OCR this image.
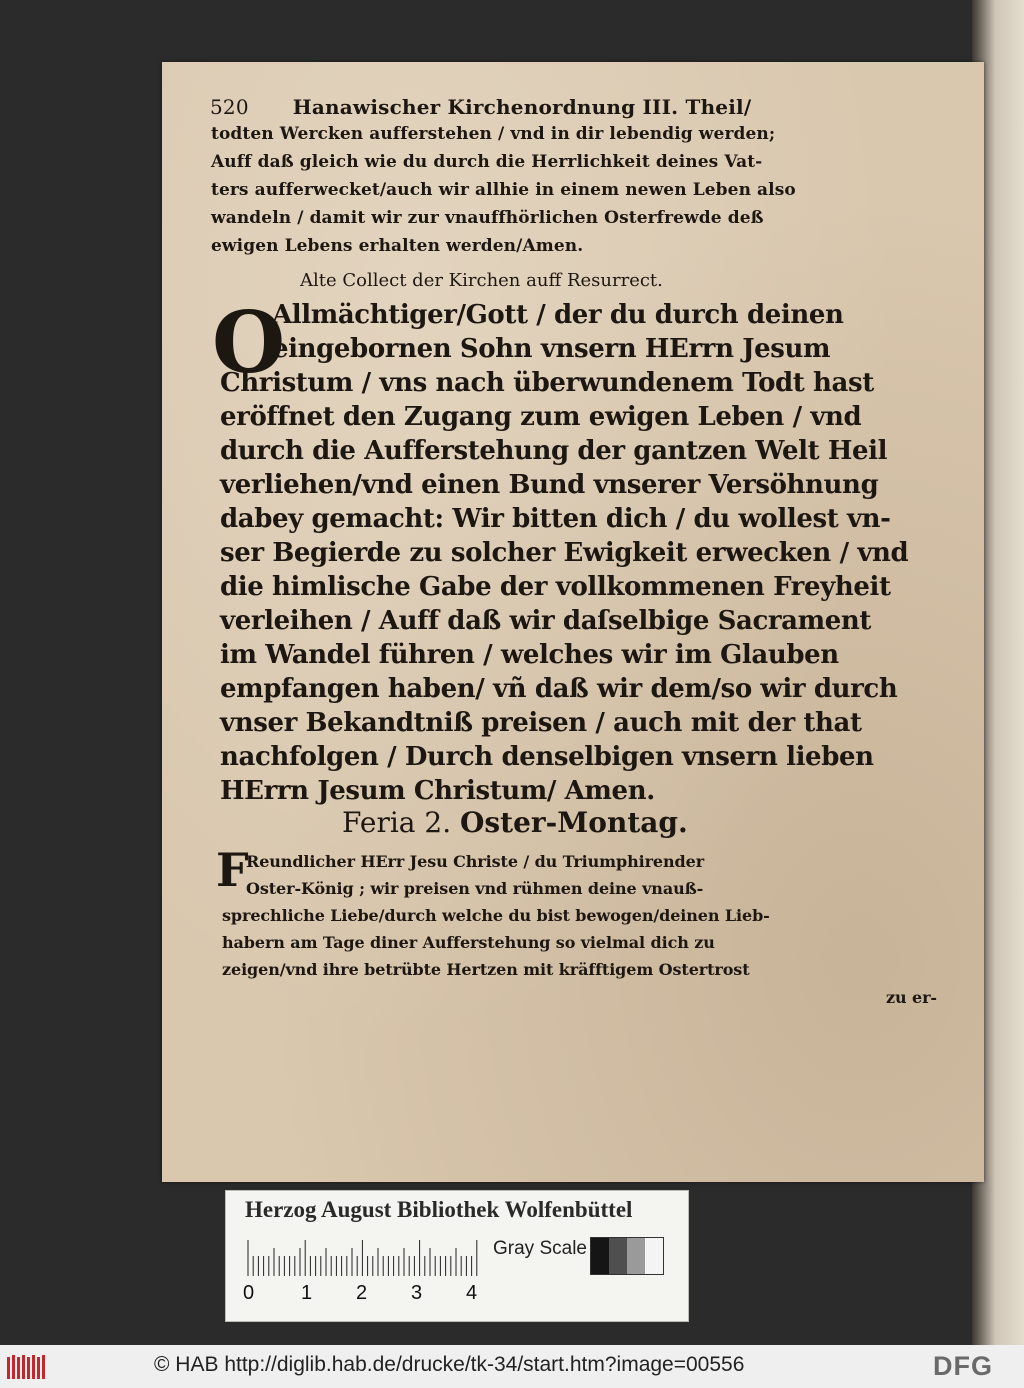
520 Hanawischer Kirchenordnung III. Theil/
todten Wercken aufferstehen / vnd in dir lebendig werden;
Auff daß gleich wie du durch die Herrlichkeit deines Vat-
ters aufferwecket/auch wir allhie in einem newen Leben also
wandeln / damit wir zur vnauffhörlichen Osterfrewde deß
ewigen Lebens erhalten werden/Amen.
Alte Collect der Kirchen auff Resurrect.
O
Allmächtiger/Gott / der du durch deinen
eingebornen Sohn vnsern HErrn Jesum
Christum / vns nach überwundenem Todt hast
eröffnet den Zugang zum ewigen Leben / vnd
durch die Aufferstehung der gantzen Welt Heil
verliehen/vnd einen Bund vnserer Versöhnung
dabey gemacht: Wir bitten dich / du wollest vn-
ser Begierde zu solcher Ewigkeit erwecken / vnd
die himlische Gabe der vollkommenen Freyheit
verleihen / Auff daß wir daſselbige Sacrament
im Wandel führen / welches wir im Glauben
empfangen haben/ vñ daß wir dem/so wir durch
vnser Bekandtniß preisen / auch mit der that
nachfolgen / Durch denselbigen vnsern lieben
HErrn Jesum Christum/ Amen.
Feria 2. Oster-Montag.
F
Reundlicher HErr Jesu Christe / du Triumphirender
Oster-König ; wir preisen vnd rühmen deine vnauß-
sprechliche Liebe/durch welche du bist bewogen/deinen Lieb-
habern am Tage diner Aufferstehung so vielmal dich zu
zeigen/vnd ihre betrübte Hertzen mit kräfftigem Ostertrost
zu er-
Herzog August Bibliothek Wolfenbüttel
0 1 2 3 4
Gray Scale
© HAB http://diglib.hab.de/drucke/tk-34/start.htm?image=00556	DFG
